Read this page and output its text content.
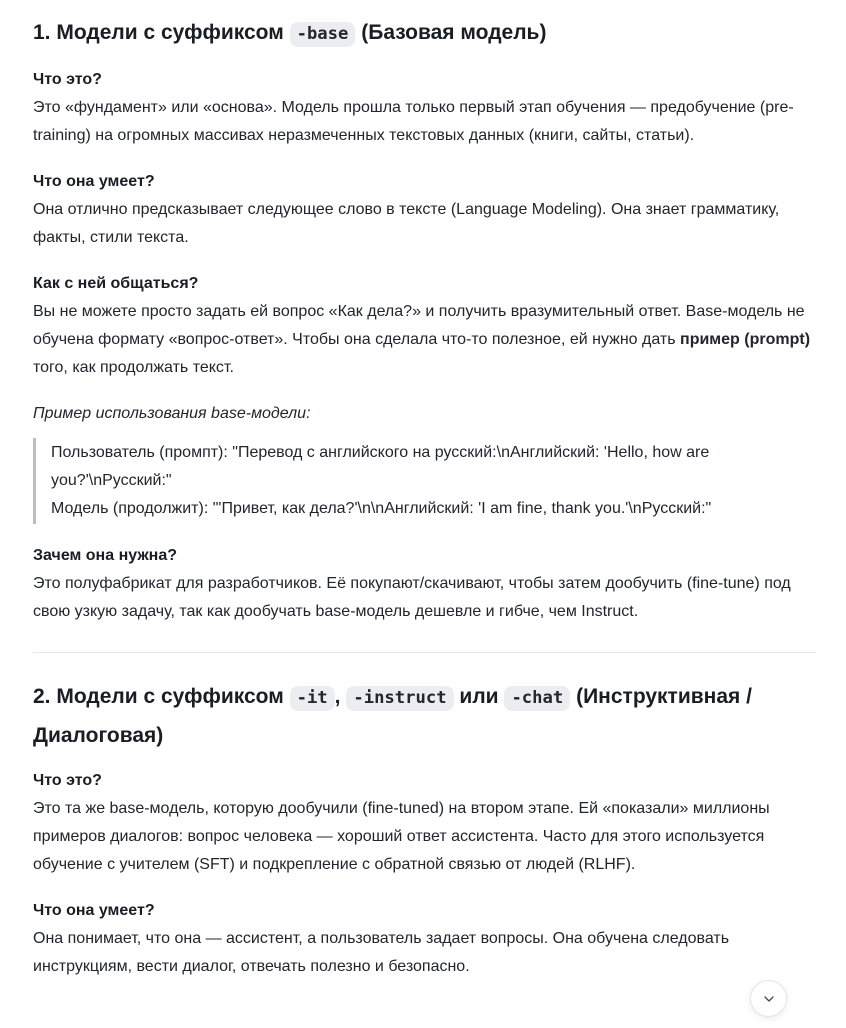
1. Модели с суффиксом -base (Базовая модель)

Что это?
Это «фундамент» или «основа». Модель прошла только первый этап обучения — предобучение (pre-training) на огромных массивах неразмеченных текстовых данных (книги, сайты, статьи).

Что она умеет?
Она отлично предсказывает следующее слово в тексте (Language Modeling). Она знает грамматику, факты, стили текста.

Как с ней общаться?
Вы не можете просто задать ей вопрос «Как дела?» и получить вразумительный ответ. Base-модель не обучена формату «вопрос-ответ». Чтобы она сделала что-то полезное, ей нужно дать пример (prompt) того, как продолжать текст.

Пример использования base-модели:

Пользователь (промпт): "Перевод с английского на русский:\nАнглийский: 'Hello, how are you?'\nРусский:"

Модель (продолжит): "'Привет, как дела?'\n\nАнглийский: 'I am fine, thank you.'\nРусский:"

Зачем она нужна?
Это полуфабрикат для разработчиков. Её покупают/скачивают, чтобы затем дообучить (fine-tune) под свою узкую задачу, так как дообучать base-модель дешевле и гибче, чем Instruct.

2. Модели с суффиксом -it , -instruct или -chat (Инструктивная / Диалоговая)

Что это?
Это та же base-модель, которую дообучили (fine-tuned) на втором этапе. Ей «показали» миллионы примеров диалогов: вопрос человека — хороший ответ ассистента. Часто для этого используется обучение с учителем (SFT) и подкрепление с обратной связью от людей (RLHF).

Что она умеет?
Она понимает, что она — ассистент, а пользователь задает вопросы. Она обучена следовать инструкциям, вести диалог, отвечать полезно и безопасно.
